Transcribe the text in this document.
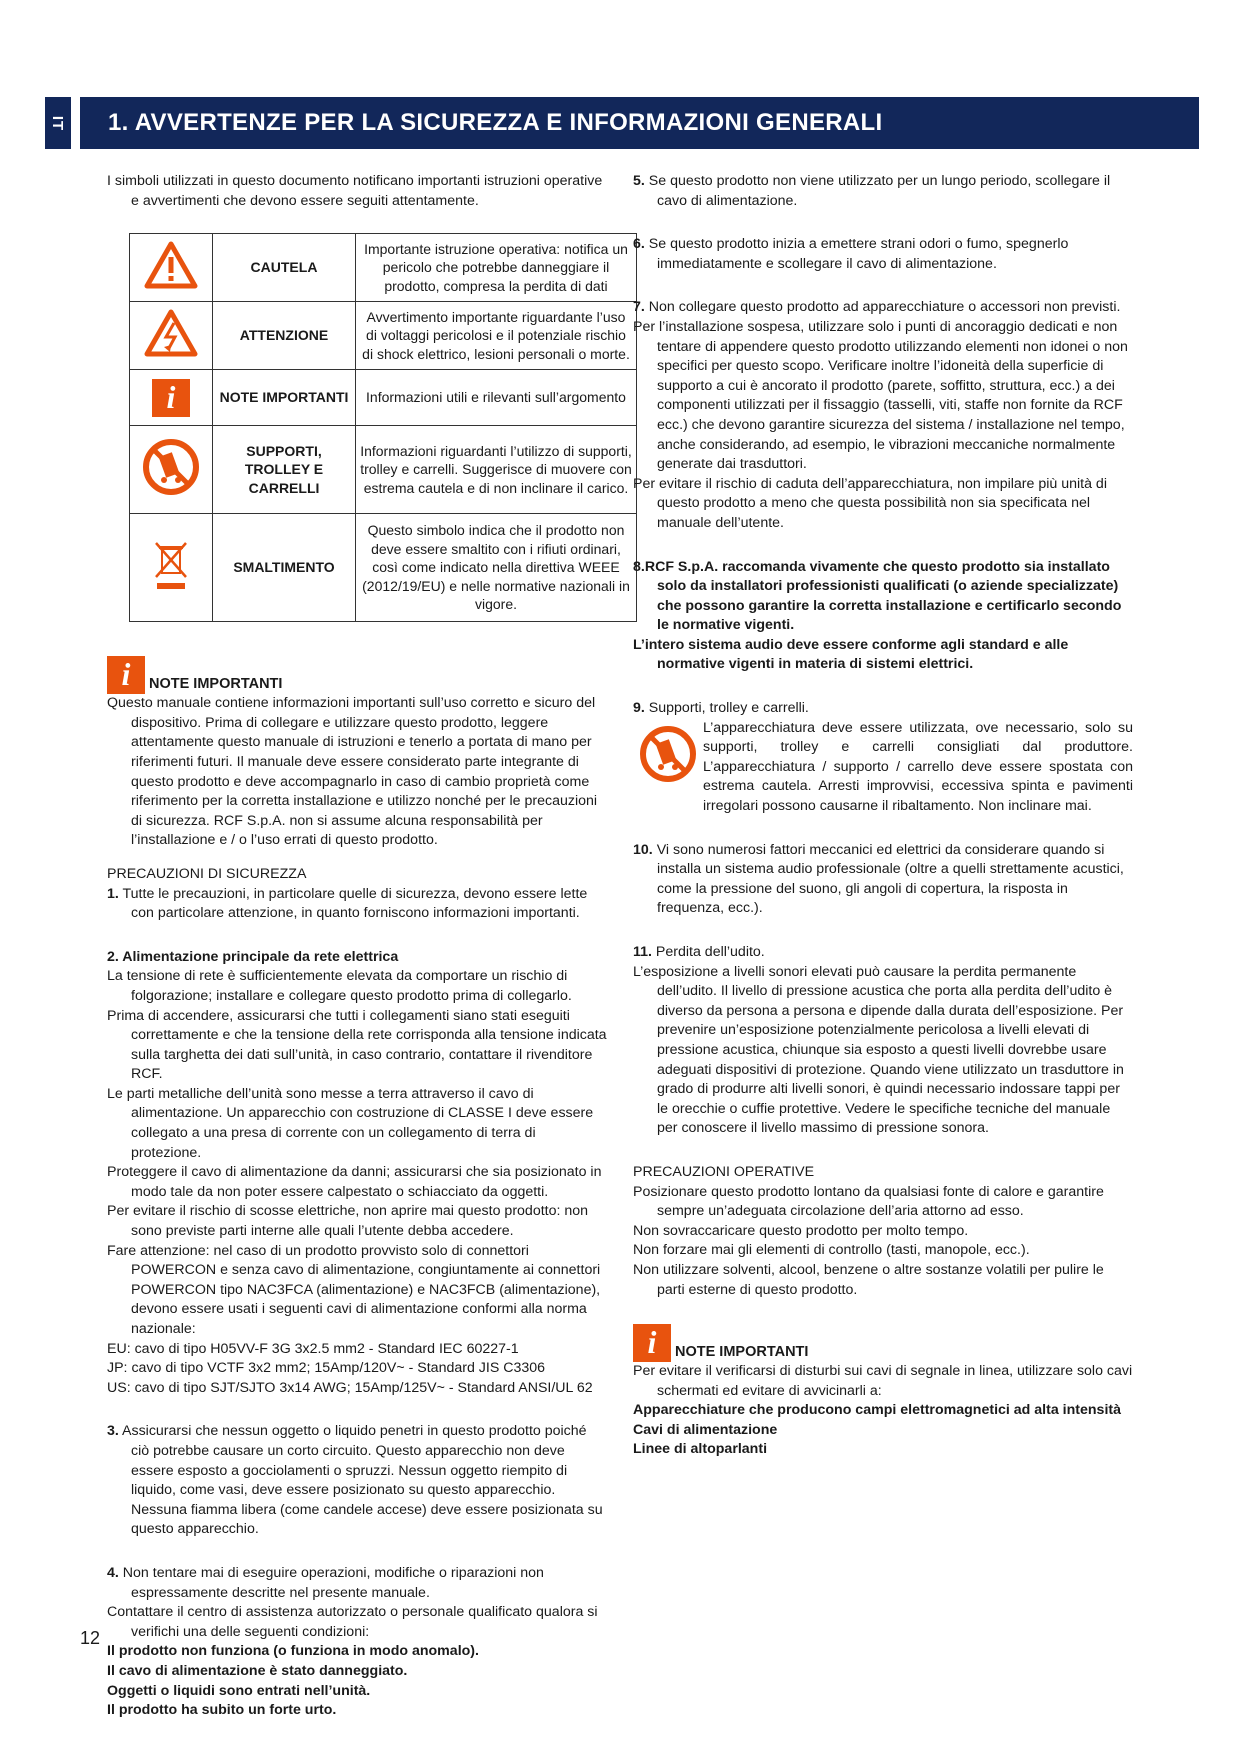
IT 1. AVVERTENZE PER LA SICUREZZA E INFORMAZIONI GENERALI

I simboli utilizzati in questo documento notificano importanti istruzioni operative e avvertimenti che devono essere seguiti attentamente.

	CAUTELA	Importante istruzione operativa: notifica un pericolo che potrebbe danneggiare il prodotto, compresa la perdita di dati
	ATTENZIONE	Avvertimento importante riguardante l’uso di voltaggi pericolosi e il potenziale rischio di shock elettrico, lesioni personali o morte.
i	NOTE IMPORTANTI	Informazioni utili e rilevanti sull’argomento
	SUPPORTI, TROLLEY E CARRELLI	Informazioni riguardanti l’utilizzo di supporti, trolley e carrelli. Suggerisce di muovere con estrema cautela e di non inclinare il carico.
	SMALTIMENTO	Questo simbolo indica che il prodotto non deve essere smaltito con i rifiuti ordinari, così come indicato nella direttiva WEEE (2012/19/EU) e nelle normative nazionali in vigore.
i	NOTE IMPORTANTI

Questo manuale contiene informazioni importanti sull’uso corretto e sicuro del dispositivo. Prima di collegare e utilizzare questo prodotto, leggere attentamente questo manuale di istruzioni e tenerlo a portata di mano per riferimenti futuri. Il manuale deve essere considerato parte integrante di questo prodotto e deve accompagnarlo in caso di cambio proprietà come riferimento per la corretta installazione e utilizzo nonché per le precauzioni di sicurezza. RCF S.p.A. non si assume alcuna responsabilità per l’installazione e / o l’uso errati di questo prodotto.

PRECAUZIONI DI SICUREZZA

1. Tutte le precauzioni, in particolare quelle di sicurezza, devono essere lette con particolare attenzione, in quanto forniscono informazioni importanti.

2. Alimentazione principale da rete elettrica

La tensione di rete è sufficientemente elevata da comportare un rischio di folgorazione; installare e collegare questo prodotto prima di collegarlo.

Prima di accendere, assicurarsi che tutti i collegamenti siano stati eseguiti correttamente e che la tensione della rete corrisponda alla tensione indicata sulla targhetta dei dati sull’unità, in caso contrario, contattare il rivenditore RCF.

Le parti metalliche dell’unità sono messe a terra attraverso il cavo di alimentazione. Un apparecchio con costruzione di CLASSE I deve essere collegato a una presa di corrente con un collegamento di terra di protezione.

Proteggere il cavo di alimentazione da danni; assicurarsi che sia posizionato in modo tale da non poter essere calpestato o schiacciato da oggetti.

Per evitare il rischio di scosse elettriche, non aprire mai questo prodotto: non sono previste parti interne alle quali l’utente debba accedere.

Fare attenzione: nel caso di un prodotto provvisto solo di connettori POWERCON e senza cavo di alimentazione, congiuntamente ai connettori POWERCON tipo NAC3FCA (alimentazione) e NAC3FCB (alimentazione), devono essere usati i seguenti cavi di alimentazione conformi alla norma nazionale:

EU: cavo di tipo H05VV-F 3G 3x2.5 mm2 - Standard IEC 60227-1

JP: cavo di tipo VCTF 3x2 mm2; 15Amp/120V~ - Standard JIS C3306

US: cavo di tipo SJT/SJTO 3x14 AWG; 15Amp/125V~ - Standard ANSI/UL 62

3. Assicurarsi che nessun oggetto o liquido penetri in questo prodotto poiché ciò potrebbe causare un corto circuito. Questo apparecchio non deve essere esposto a gocciolamenti o spruzzi. Nessun oggetto riempito di liquido, come vasi, deve essere posizionato su questo apparecchio. Nessuna fiamma libera (come candele accese) deve essere posizionata su questo apparecchio.

4. Non tentare mai di eseguire operazioni, modifiche o riparazioni non espressamente descritte nel presente manuale.

Contattare il centro di assistenza autorizzato o personale qualificato qualora si verifichi una delle seguenti condizioni:

Il prodotto non funziona (o funziona in modo anomalo).

Il cavo di alimentazione è stato danneggiato.

Oggetti o liquidi sono entrati nell’unità.

Il prodotto ha subito un forte urto.

5. Se questo prodotto non viene utilizzato per un lungo periodo, scollegare il cavo di alimentazione.

6. Se questo prodotto inizia a emettere strani odori o fumo, spegnerlo immediatamente e scollegare il cavo di alimentazione.

7. Non collegare questo prodotto ad apparecchiature o accessori non previsti.

Per l’installazione sospesa, utilizzare solo i punti di ancoraggio dedicati e non tentare di appendere questo prodotto utilizzando elementi non idonei o non specifici per questo scopo. Verificare inoltre l’idoneità della superficie di supporto a cui è ancorato il prodotto (parete, soffitto, struttura, ecc.) a dei componenti utilizzati per il fissaggio (tasselli, viti, staffe non fornite da RCF ecc.) che devono garantire sicurezza del sistema / installazione nel tempo, anche considerando, ad esempio, le vibrazioni meccaniche normalmente generate dai trasduttori.

Per evitare il rischio di caduta dell’apparecchiatura, non impilare più unità di questo prodotto a meno che questa possibilità non sia specificata nel manuale dell’utente.

8.RCF S.p.A. raccomanda vivamente che questo prodotto sia installato solo da installatori professionisti qualificati (o aziende specializzate) che possono garantire la corretta installazione e certificarlo secondo le normative vigenti.

L’intero sistema audio deve essere conforme agli standard e alle normative vigenti in materia di sistemi elettrici.

9. Supporti, trolley e carrelli.

L’apparecchiatura deve essere utilizzata, ove necessario, solo su supporti, trolley e carrelli consigliati dal produttore. L’apparecchiatura / supporto / carrello deve essere spostata con estrema cautela. Arresti improvvisi, eccessiva spinta e pavimenti irregolari possono causarne il ribaltamento. Non inclinare mai.

10. Vi sono numerosi fattori meccanici ed elettrici da considerare quando si installa un sistema audio professionale (oltre a quelli strettamente acustici, come la pressione del suono, gli angoli di copertura, la risposta in frequenza, ecc.).

11. Perdita dell’udito.

L’esposizione a livelli sonori elevati può causare la perdita permanente dell’udito. Il livello di pressione acustica che porta alla perdita dell’udito è diverso da persona a persona e dipende dalla durata dell’esposizione. Per prevenire un’esposizione potenzialmente pericolosa a livelli elevati di pressione acustica, chiunque sia esposto a questi livelli dovrebbe usare adeguati dispositivi di protezione. Quando viene utilizzato un trasduttore in grado di produrre alti livelli sonori, è quindi necessario indossare tappi per le orecchie o cuffie protettive. Vedere le specifiche tecniche del manuale per conoscere il livello massimo di pressione sonora.

PRECAUZIONI OPERATIVE

Posizionare questo prodotto lontano da qualsiasi fonte di calore e garantire sempre un’adeguata circolazione dell’aria attorno ad esso.

Non sovraccaricare questo prodotto per molto tempo.

Non forzare mai gli elementi di controllo (tasti, manopole, ecc.).

Non utilizzare solventi, alcool, benzene o altre sostanze volatili per pulire le parti esterne di questo prodotto.

i	NOTE IMPORTANTI

Per evitare il verificarsi di disturbi sui cavi di segnale in linea, utilizzare solo cavi schermati ed evitare di avvicinarli a:

Apparecchiature che producono campi elettromagnetici ad alta intensità

Cavi di alimentazione

Linee di altoparlanti

12
